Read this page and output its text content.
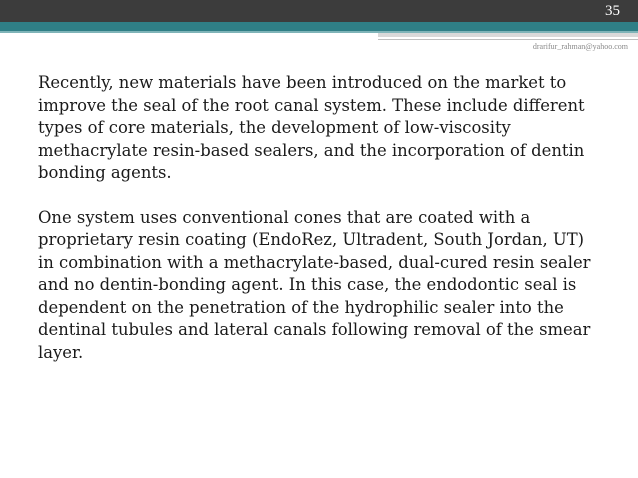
35
drarifur_rahman@yahoo.com

Recently, new materials have been introduced on the market to improve the seal of the root canal system. These include different types of core materials, the development of low-viscosity methacrylate resin-based sealers, and the incorporation of dentin bonding agents.

One system uses conventional cones that are coated with a proprietary resin coating (EndoRez, Ultradent, South Jordan, UT) in combination with a methacrylate-based, dual-cured resin sealer and no dentin-bonding agent. In this case, the endodontic seal is dependent on the penetration of the hydrophilic sealer into the dentinal tubules and lateral canals following removal of the smear layer.
